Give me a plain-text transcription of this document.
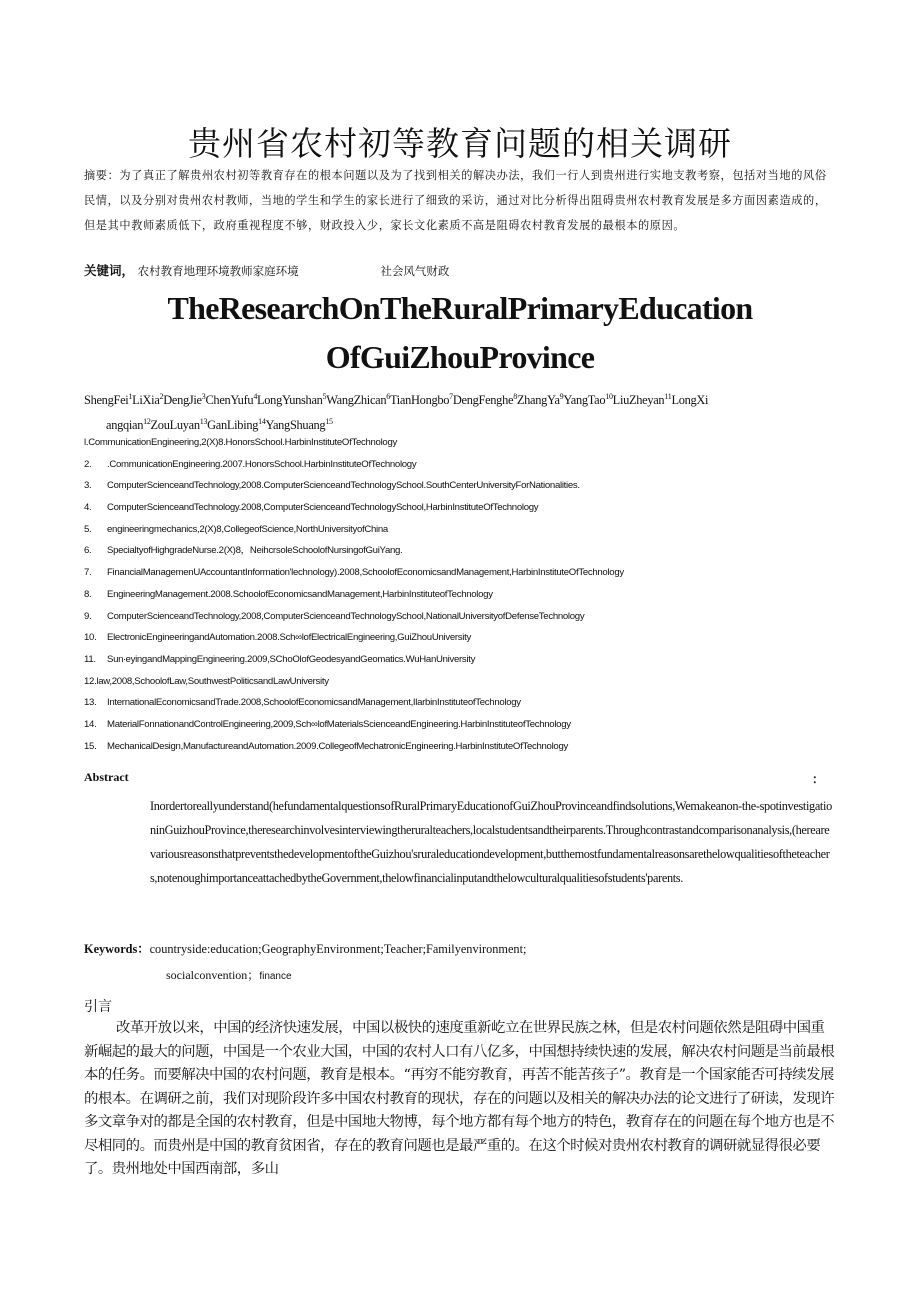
贵州省农村初等教育问题的相关调研
摘要：为了真正了解贵州农村初等教育存在的根本问题以及为了找到相关的解决办法，我们一行人到贵州进行实地支教考察，包括对当地的风俗民情，以及分别对贵州农村教师，当地的学生和学生的家长进行了细致的采访，通过对比分析得出阻碍贵州农村教育发展是多方面因素造成的，但是其中教师素质低下，政府重视程度不够，财政投入少，家长文化素质不高是阻碍农村教育发展的最根本的原因。
关键词， 农村教育地理环境教师家庭环境	社会风气财政
TheResearchOnTheRuralPrimaryEducation
OfGuiZhouProvince
ShengFei$^1$LiXia$^2$DengJie$^3$ChenYufu$^4$LongYunshan$^5$WangZhican$^6$TianHongbo$^7$DengFenghe$^8$ZhangYa$^9$YangTao$^{10}$LiuZheyan$^{11}$LongXi
angqian$^{12}$ZouLuyan$^{13}$GanLibing$^{14}$YangShuang$^{15}$
l.CommunicationEngineering,2(X)8.HonorsSchool.HarbinInstituteOfTechnology
2. .CommunicationEngineering.2007.HonorsSchool.HarbinInstituteOfTechnology
3. ComputerScienceandTechnology,2008.ComputerScienceandTechnologySchool.SouthCenterUniversityForNationalities.
4. ComputerScienceandTechnology.2008,ComputerScienceandTechnologySchool,HarbinInstituteOfTechnology
5. engineeringmechanics,2(X)8,CollegeofScience,NorthUniversityofChina
6. SpecialtyofHighgradeNurse.2(X)8，NeihcrsoleSchoolofNursingofGuiYang.
7. FinancialManagemenUAccountantInformation'lechnology).2008,SchoolofEconomicsandManagement,HarbinInstituteOfTechnology
8. EngineeringManagement.2008.SchoolofEconomicsandManagement,HarbinInstituteofTechnology
9. ComputerScienceandTechnology,2008,ComputerScienceandTechnologySchool,NationalUniversityofDefenseTechnology
10. ElectronicEngineeringandAutomation.2008.Sch∞lofElectricalEngineering,GuiZhouUniversity
11. Sun∙eyingandMappingEngineering.2009,SChoOlofGeodesyandGeomatics.WuHanUniversity
12.law,2008,SchoolofLaw,SouthwestPoliticsandLawUniversity
13. InternationalEconomicsandTrade.2008,SchoolofEconomicsandManagement,IlarbinInstituteofTechnology
14. MaterialFonnationandControlEngineering,2009,Sch∞lofMaterialsScienceandEngineering.HarbinInstituteofTechnology
15. MechanicalDesign,ManufactureandAutomation.2009.CollegeofMechatronicEngineering.HarbinInstituteOfTechnology
Abstract	：
Inordertoreallyunderstand(hefundamentalquestionsofRuralPrimaryEducationofGuiZhouProvinceandfindsolutions,Wemakeanon-the-spotinvestigationinGuizhouProvince,theresearchinvolvesinterviewingtheruralteachers,localstudentsandtheirparents.Throughcontrastandcomparisonanalysis,(herearevariousreasonsthatpreventsthedevelopmentoftheGuizhou'sruraleducationdevelopment,butthemostfundamentalreasonsarethelowqualitiesoftheteachers,notenoughimportanceattachedbytheGovernment,thelowfinancialinputandthelowculturalqualitiesofstudents'parents.
Keywords：countryside:education;GeographyEnvironment;Teacher;Familyenvironment;
socialconvention；finance
引言
改革开放以来，中国的经济快速发展，中国以极快的速度重新屹立在世界民族之林，但是农村问题依然是阻碍中国重新崛起的最大的问题，中国是一个农业大国，中国的农村人口有八亿多，中国想持续快速的发展，解决农村问题是当前最根本的任务。而要解决中国的农村问题，教育是根本。“再穷不能穷教育，再苦不能苦孩子”。教育是一个国家能否可持续发展的根本。在调研之前，我们对现阶段许多中国农村教育的现状，存在的问题以及相关的解决办法的论文进行了研读，发现许多文章争对的都是全国的农村教育，但是中国地大物博，每个地方都有每个地方的特色，教育存在的问题在每个地方也是不尽相同的。而贵州是中国的教育贫困省，存在的教育问题也是最严重的。在这个时候对贵州农村教育的调研就显得很必要了。贵州地处中国西南部，多山
